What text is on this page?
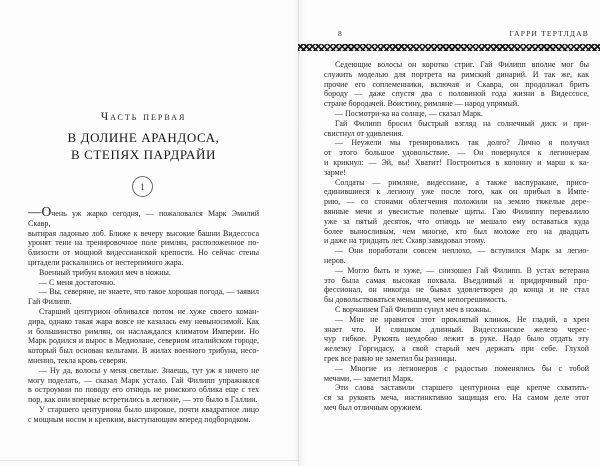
Часть первая
В ДОЛИНЕ АРАНДОСА,
В СТЕПЯХ ПАРДРАЙИ
1
—Очень уж жарко сегодня, — пожаловался Марк Эмилий Скавр,
вытирая ладонью лоб. Ближе к вечеру высокие башни Видессоса
уронят тени на тренировочное поле римлян, расположенное по-
близости от мощной видессианской крепости. Но сейчас стены
цитадели раскалились от нестерпимого жара.
Военный трибун вложил меч в ножны.
— С меня достаточно.
— Вы, северяне, не знаете, что такое хорошая погода, — заявил
Гай Филипп.
Старший центурион обливался потом не хуже своего коман-
дира, однако такая жара вовсе не казалась ему невыносимой. Как
и большинство римлян, он наслаждался климатом Империи. Но
Марк родился и вырос в Медиолане, северном италийском городе,
который был основан кельтами. В жилах военного трибуна, несо-
мненно, текла кровь северян.
— Ну да, волосы у меня светлые. Знаешь, тут уж я ничего не
могу поделать, — сказал Марк устало. Гай Филипп упражнялся
в остроумии по поводу его отнюдь не римского облика еще с тех
пор, как они впервые встретились в легионе, — это было в Галлии.
У старшего центуриона было широкое, почти квадратное лицо
с мощным носом и крепким, выступающим вперед подбородком.
8	ГАРРИ ТЕРТЛДАВ
Седеющие волосы он коротко стриг. Гай Филипп вполне мог бы
служить моделью для портрета на римский динарий. И так же, как
прочие его соплеменники, включая и Скавра, он продолжал брить
бороду — даже спустя два с половиной года жизни в Видессосе,
стране бородачей. Воистину, римляне — народ упрямый.
— Посмотри-ка на солнце, — сказал Марк.
Гай Филипп бросил быстрый взгляд на солнечный диск и при-
свистнул от удивления.
— Неужели мы тренировались так долго? Лично я получил
от этого большое удовольствие. — Он повернулся к легионерам
и крикнул: — Эй, вы! Хватит! Построиться в колонну и марш к ка-
зарме!
Солдаты — римляне, видессиане, а также васпуракане, присо-
единившиеся к легиону уже после того, как он прибыл в Импе-
рию, — со стонами облегчения положили на землю тяжелые дере-
вянные мечи и увесистые полевые щиты. Гаю Филиппу перевалило
уже за пятый десяток, что отнюдь не мешало ему оставаться куда
более выносливым, чем многие, кто был моложе его на двадцать
и даже на тридцать лет. Скавр завидовал этому.
— Они поработали совсем неплохо, — вступился Марк за легио-
неров.
— Могло быть и хуже, — снизошел Гай Филипп. В устах ветерана
это была самая высокая похвала. Въедливый и придирчивый про-
фессионал, он никогда не бывал удовлетворен до конца и не стал
бы довольствоваться меньшим, чем непогрешимость.
С ворчанием Гай Филипп сунул меч в ножны.
— Мне не нравится этот проклятый клинок. Не гладий, а хрен
знает что. И слишком длинный. Видессианское железо черес-
чур гибкое. Рукоять неудобно лежит в руке. Надо было отдать эту
железку Горгидасу, а свой старый меч держать при себе. Глухой
грек все равно не заметил бы разницы.
— Многие из легионеров с радостью поменялись бы с тобой
мечами, — заметил Марк.
Эти слова заставили старшего центуриона еще крепче схватить-
ся за рукоять меча, инстинктивно защищая его. На самом деле этот
меч был отличным оружием.
